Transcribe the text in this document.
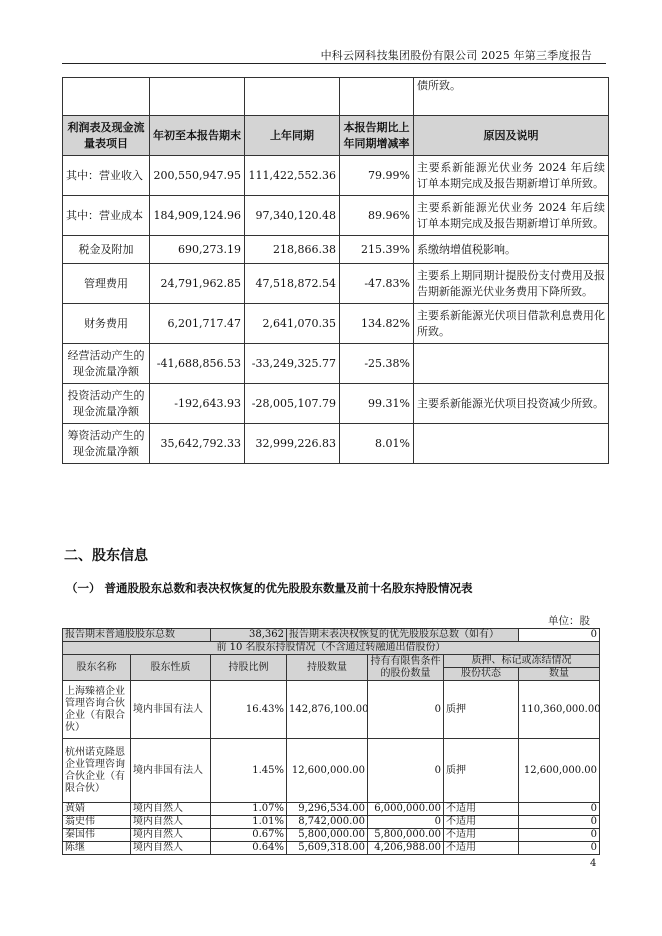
中科云网科技集团股份有限公司 2025 年第三季度报告
				债所致。
利润表及现金流量表项目	年初至本报告期末	上年同期	本报告期比上年同期增减率	原因及说明
其中：营业收入	200,550,947.95	111,422,552.36	79.99%	主要系新能源光伏业务 2024 年后续订单本期完成及报告期新增订单所致。
其中：营业成本	184,909,124.96	97,340,120.48	89.96%	主要系新能源光伏业务 2024 年后续订单本期完成及报告期新增订单所致。
税金及附加	690,273.19	218,866.38	215.39%	系缴纳增值税影响。
管理费用	24,791,962.85	47,518,872.54	-47.83%	主要系上期同期计提股份支付费用及报告期新能源光伏业务费用下降所致。
财务费用	6,201,717.47	2,641,070.35	134.82%	主要系新能源光伏项目借款利息费用化所致。
经营活动产生的现金流量净额	-41,688,856.53	-33,249,325.77	-25.38%	
投资活动产生的现金流量净额	-192,643.93	-28,005,107.79	99.31%	主要系新能源光伏项目投资减少所致。
筹资活动产生的现金流量净额	35,642,792.33	32,999,226.83	8.01%	
二、股东信息
（一） 普通股股东总数和表决权恢复的优先股股东数量及前十名股东持股情况表
单位：股
报告期末普通股股东总数		38,362	报告期末表决权恢复的优先股股东总数（如有）			0
前 10 名股东持股情况（不含通过转融通出借股份）						
股东名称	股东性质	持股比例	持股数量	持有有限售条件的股份数量	质押、标记或冻结情况	
					股份状态	数量
上海臻禧企业管理咨询合伙企业（有限合伙）	境内非国有法人	16.43%	142,876,100.00	0	质押	110,360,000.00
杭州诺克隆恩企业管理咨询合伙企业（有限合伙）	境内非国有法人	1.45%	12,600,000.00	0	质押	12,600,000.00
黄婧	境内自然人	1.07%	9,296,534.00	6,000,000.00	不适用	0
翁史伟	境内自然人	1.01%	8,742,000.00	0	不适用	0
秦国伟	境内自然人	0.67%	5,800,000.00	5,800,000.00	不适用	0
陈继	境内自然人	0.64%	5,609,318.00	4,206,988.00	不适用	0
4
